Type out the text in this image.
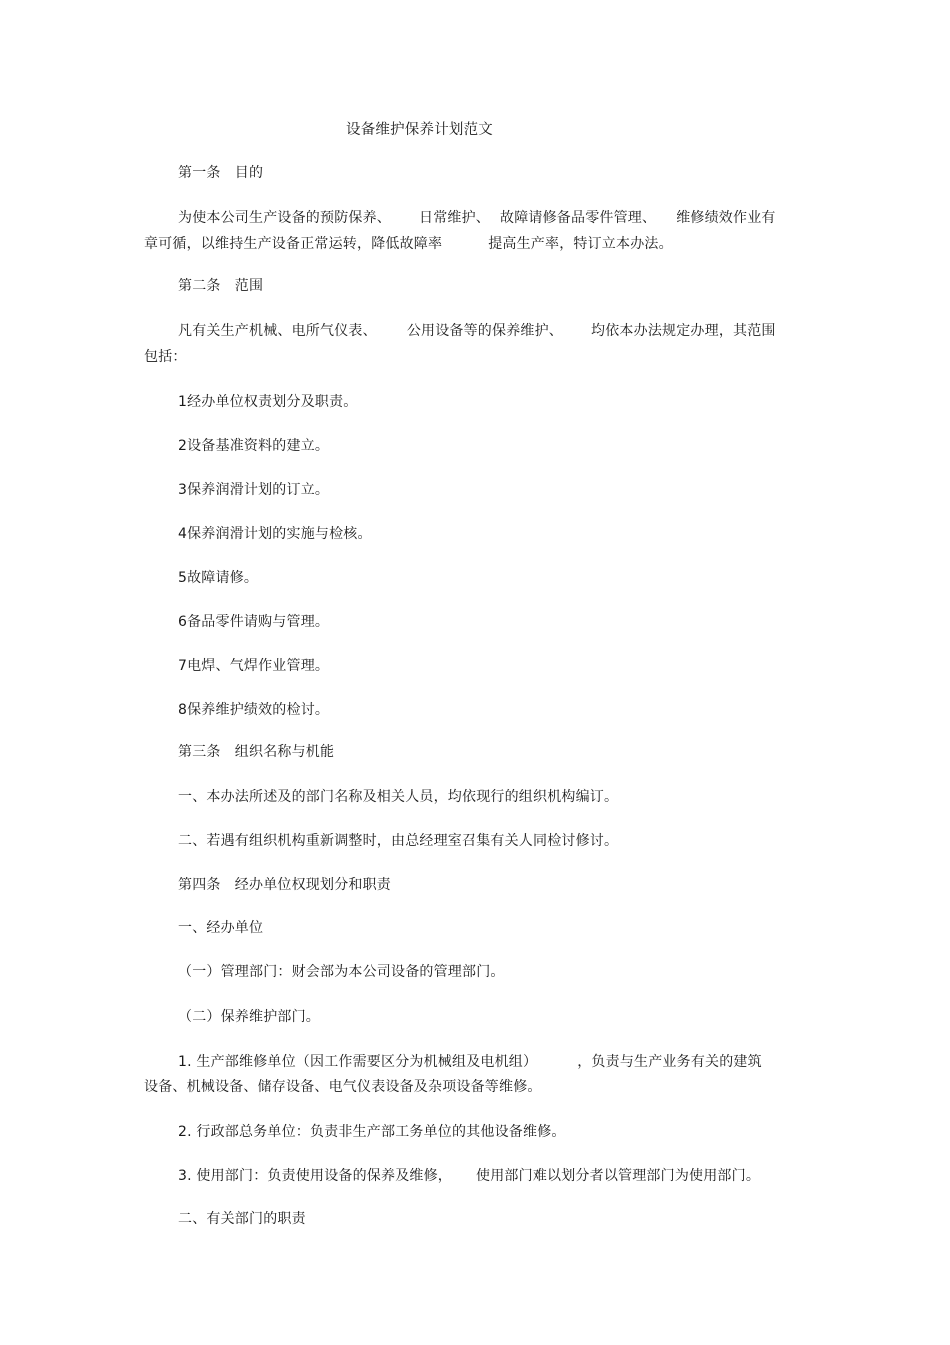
设备维护保养计划范文
第一条　目的
为使本公司生产设备的预防保养、 日常维护、 故障请修备品零件管理、 维修绩效作业有
章可循，以维持生产设备正常运转，降低故障率	提高生产率，特订立本办法。
第二条　范围
凡有关生产机械、电所气仪表、 公用设备等的保养维护、 均依本办法规定办理，其范围
包括：
1经办单位权责划分及职责。
2设备基准资料的建立。
3保养润滑计划的订立。
4保养润滑计划的实施与检核。
5故障请修。
6备品零件请购与管理。
7电焊、气焊作业管理。
8保养维护绩效的检讨。
第三条　组织名称与机能
一、本办法所述及的部门名称及相关人员，均依现行的组织机构编订。
二、若遇有组织机构重新调整时，由总经理室召集有关人同检讨修讨。
第四条　经办单位权现划分和职责
一、经办单位
（一）管理部门：财会部为本公司设备的管理部门。
（二）保养维护部门。
1. 生产部维修单位（因工作需要区分为机械组及电机组）	，负责与生产业务有关的建筑
设备、机械设备、储存设备、电气仪表设备及杂项设备等维修。
2. 行政部总务单位：负责非生产部工务单位的其他设备维修。
3. 使用部门：负责使用设备的保养及维修， 使用部门难以划分者以管理部门为使用部门。
二、有关部门的职责
